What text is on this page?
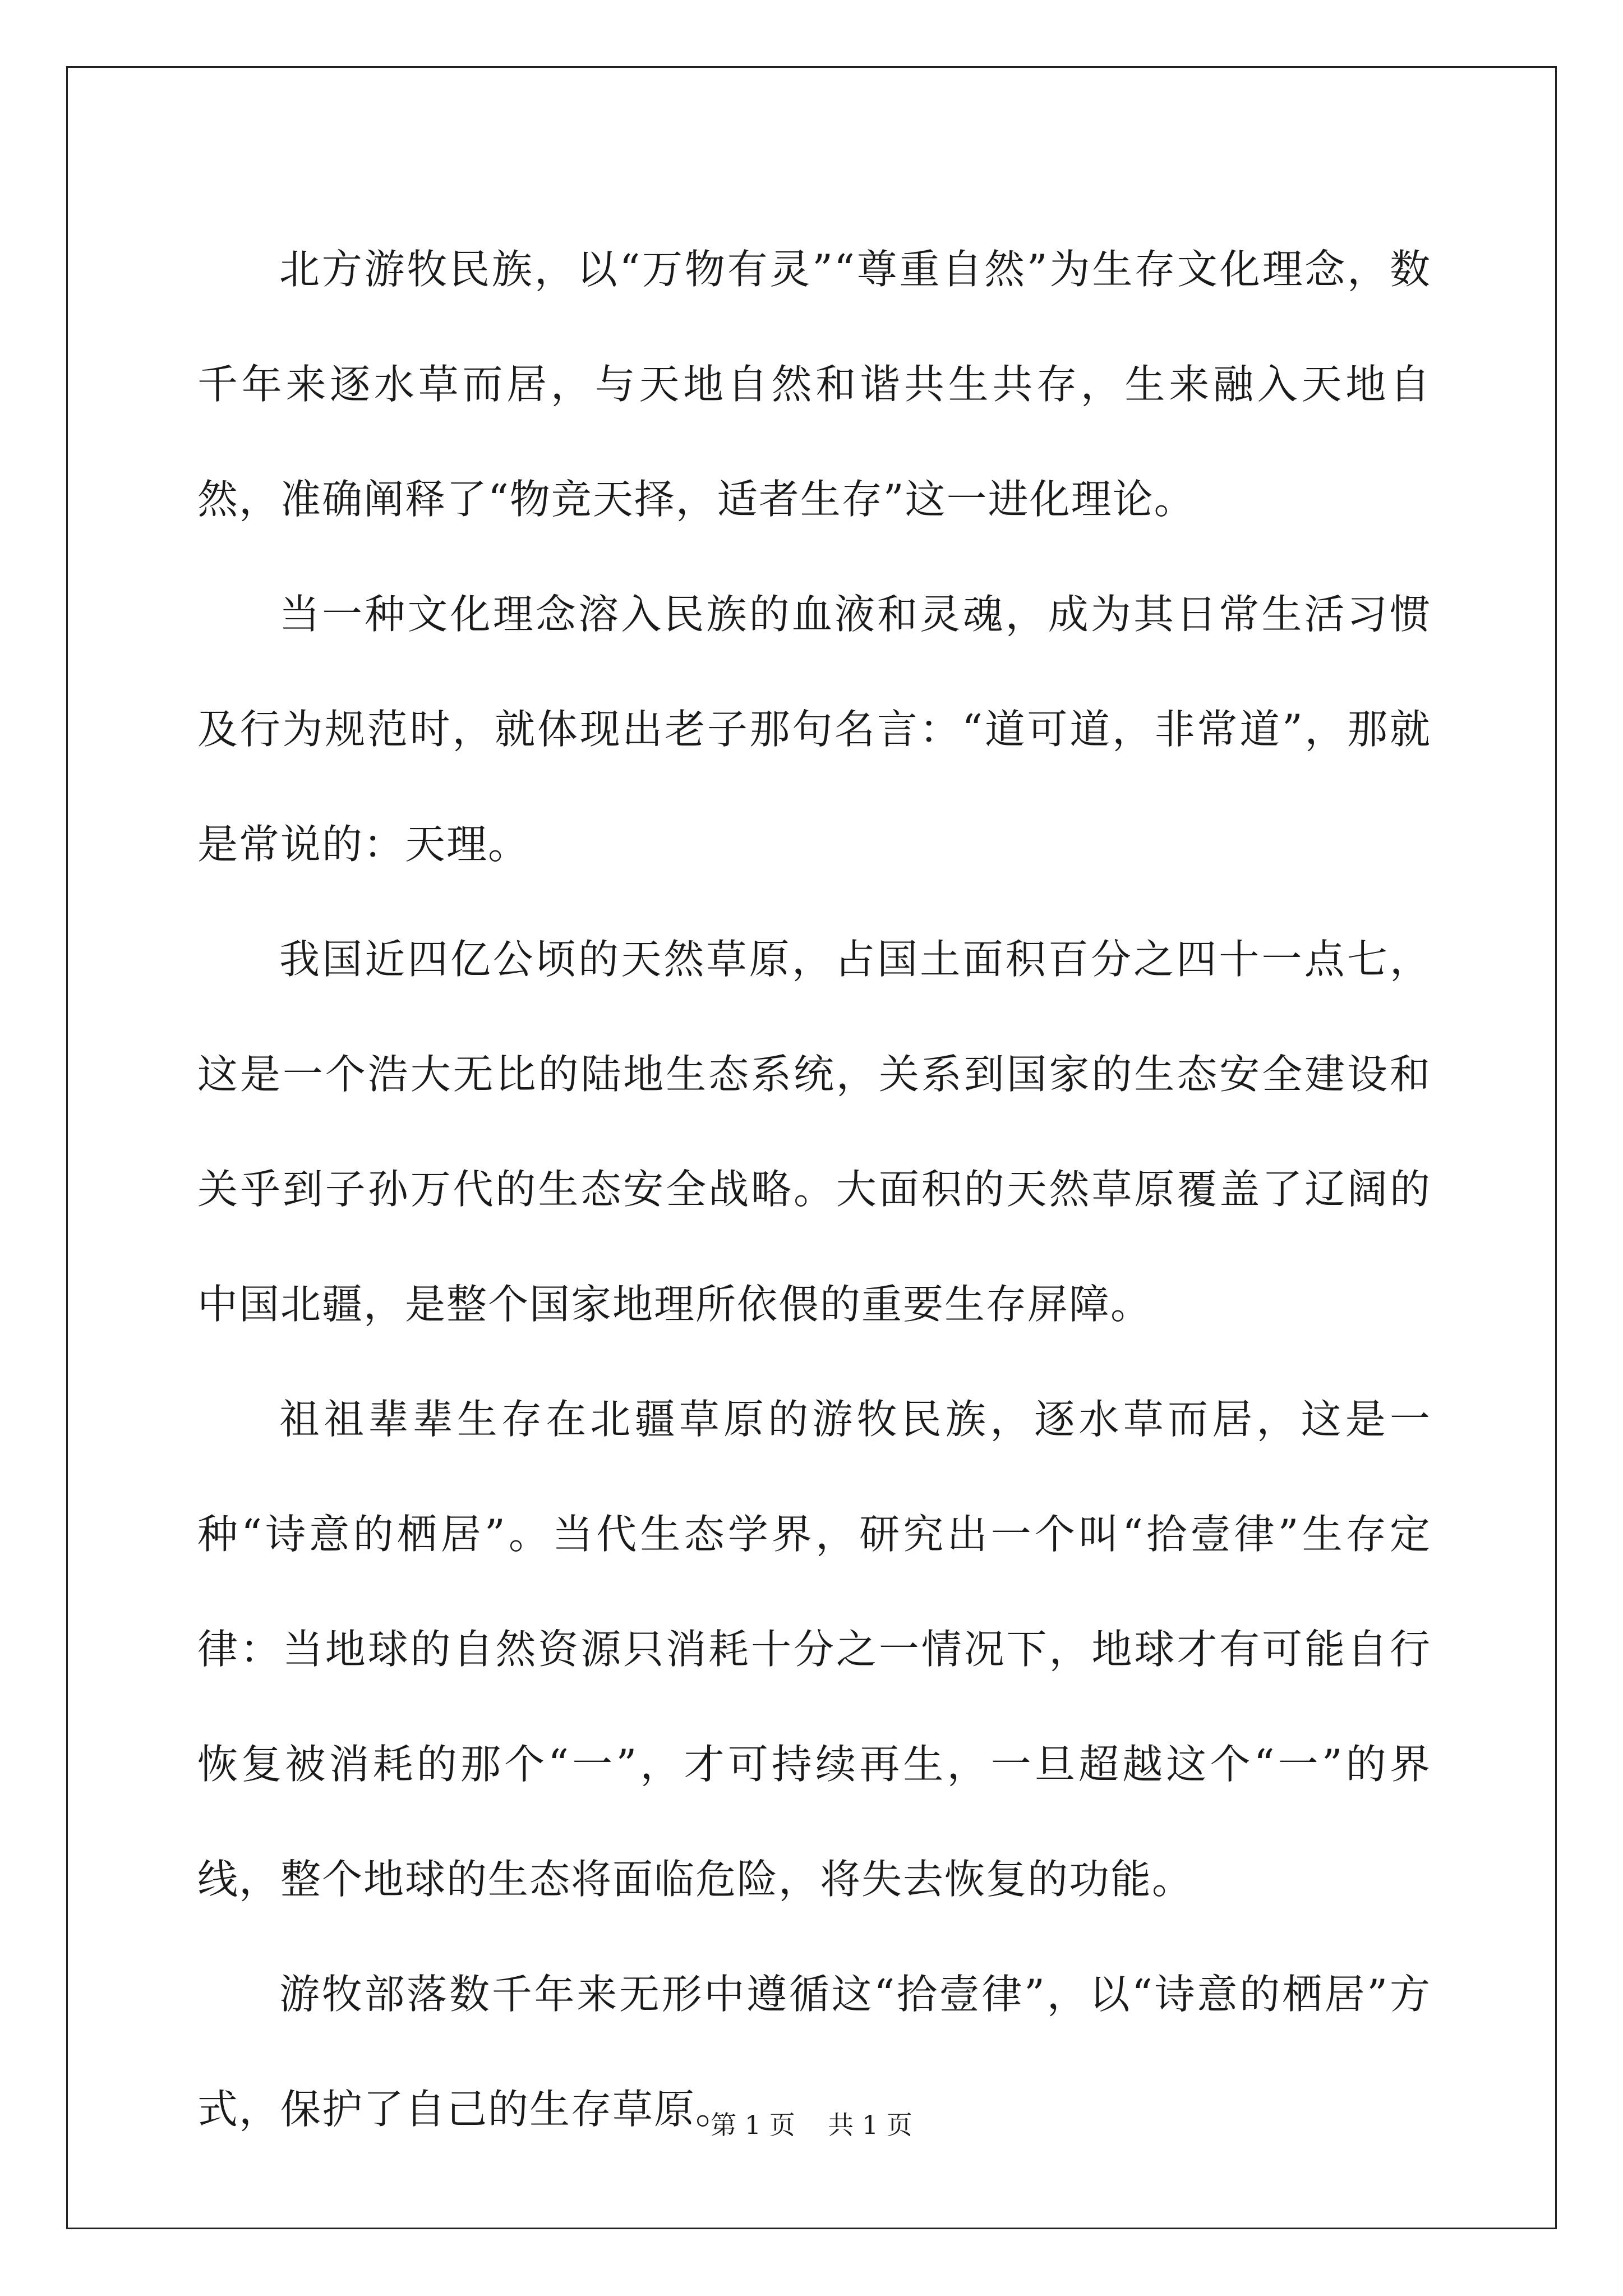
北方游牧民族，以“万物有灵”“尊重自然”为生存文化理念，数千年来逐水草而居，与天地自然和谐共生共存，生来融入天地自然，准确阐释了“物竞天择，适者生存”这一进化理论。

当一种文化理念溶入民族的血液和灵魂，成为其日常生活习惯及行为规范时，就体现出老子那句名言：“道可道，非常道”，那就是常说的：天理。

我国近四亿公顷的天然草原，占国土面积百分之四十一点七，这是一个浩大无比的陆地生态系统，关系到国家的生态安全建设和关乎到子孙万代的生态安全战略。大面积的天然草原覆盖了辽阔的中国北疆，是整个国家地理所依偎的重要生存屏障。

祖祖辈辈生存在北疆草原的游牧民族，逐水草而居，这是一种“诗意的栖居”。当代生态学界，研究出一个叫“拾壹律”生存定律：当地球的自然资源只消耗十分之一情况下，地球才有可能自行恢复被消耗的那个“一”，才可持续再生，一旦超越这个“一”的界线，整个地球的生态将面临危险，将失去恢复的功能。

游牧部落数千年来无形中遵循这“拾壹律”，以“诗意的栖居”方式，保护了自己的生存草原。

第 1 页    共 1 页
